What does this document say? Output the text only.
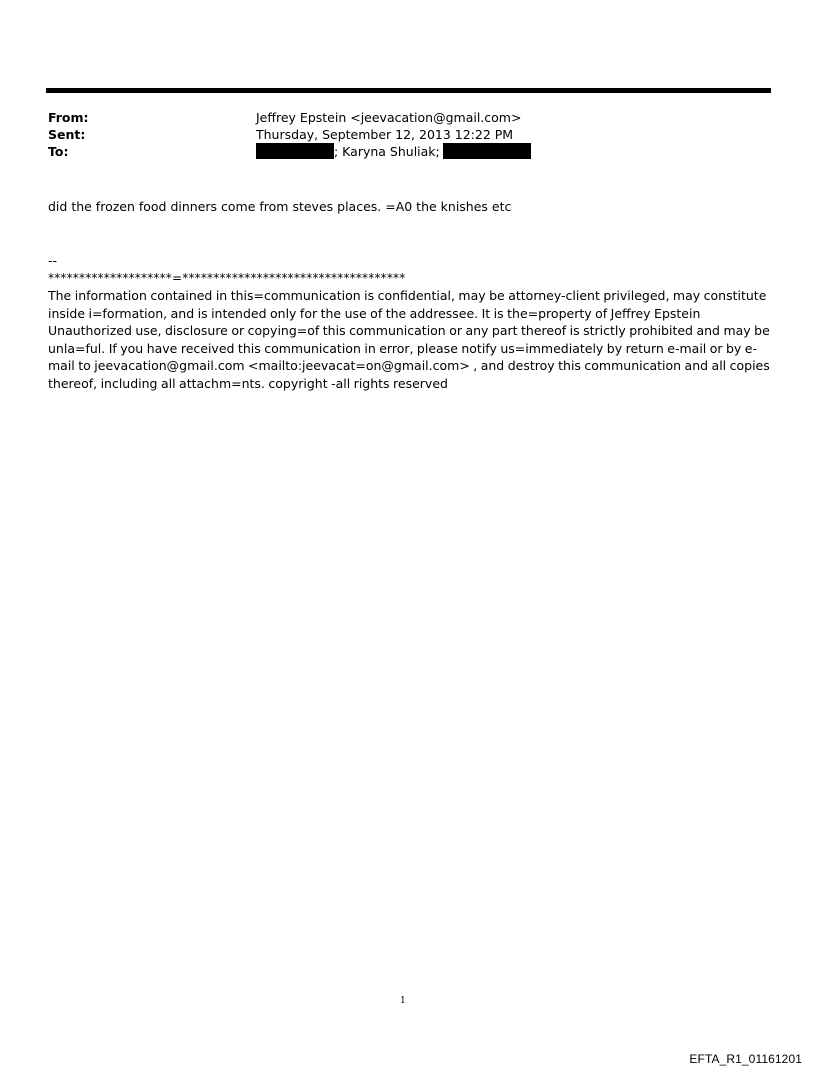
From:	Jeffrey Epstein <jeevacation@gmail.com>
Sent:	Thursday, September 12, 2013 12:22 PM
To:	; Karyna Shuliak;
did the frozen food dinners come from steves places. =A0 the knishes etc
--
********************=************************************

The information contained in this=communication is confidential, may be attorney-client privileged, may constitute inside i=formation, and is intended only for the use of the addressee. It is the=property of Jeffrey Epstein Unauthorized use, disclosure or copying=of this communication or any part thereof is strictly prohibited and may be unla=ful. If you have received this communication in error, please notify us=immediately by return e-mail or by e-mail to jeevacation@gmail.com <mailto:jeevacat=on@gmail.com> , and destroy this communication and all copies thereof, including all attachm=nts. copyright -all rights reserved

1
EFTA_R1_01161201
